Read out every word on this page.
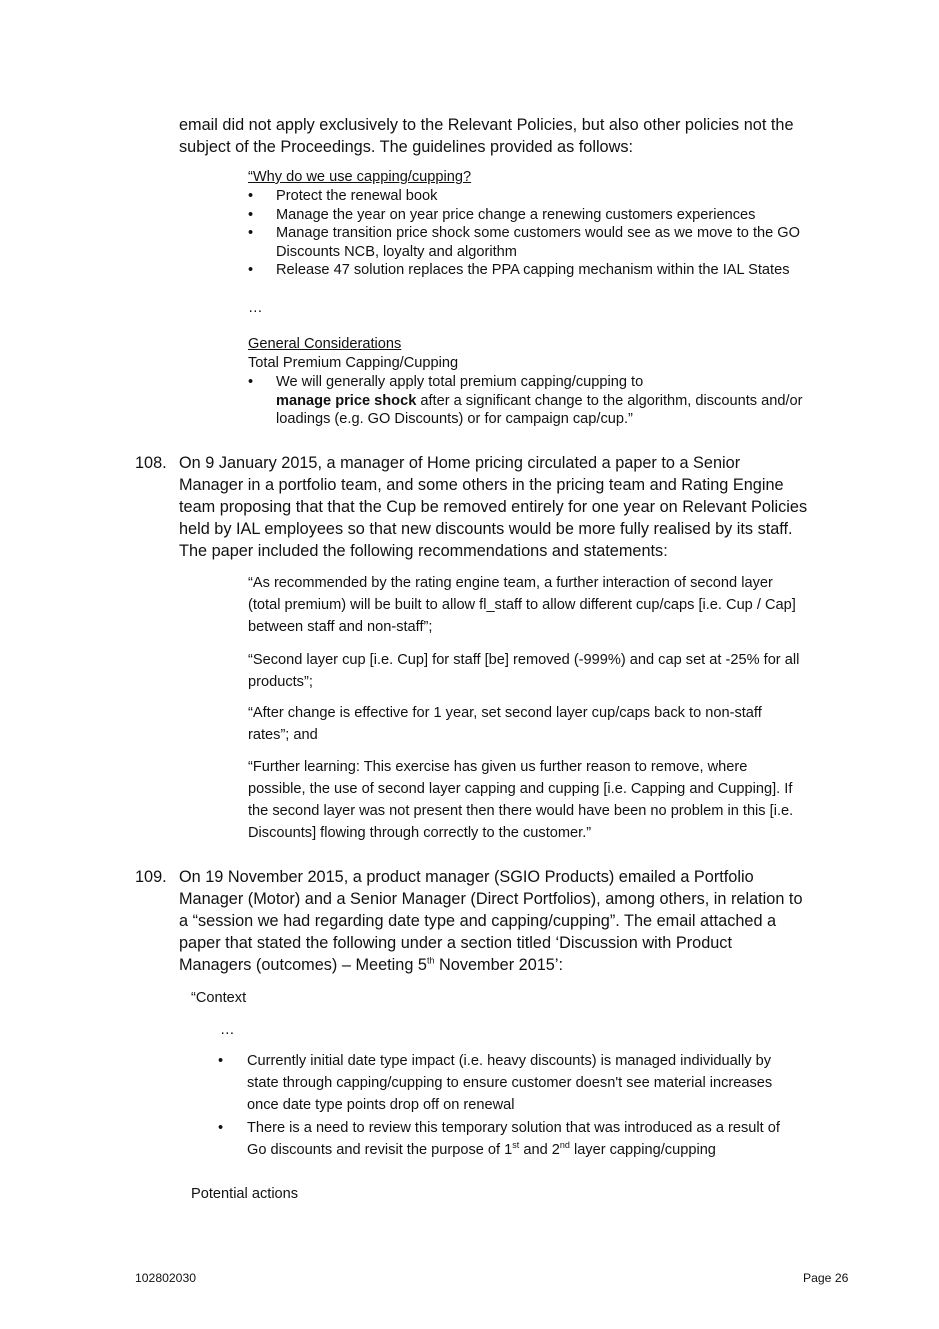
email did not apply exclusively to the Relevant Policies, but also other policies not the
subject of the Proceedings. The guidelines provided as follows:
“Why do we use capping/cupping?
• Protect the renewal book
• Manage the year on year price change a renewing customers experiences
• Manage transition price shock some customers would see as we move to the GO
Discounts NCB, loyalty and algorithm
• Release 47 solution replaces the PPA capping mechanism within the IAL States
…
General Considerations
Total Premium Capping/Cupping
• We will generally apply total premium capping/cupping to
manage price shock after a significant change to the algorithm, discounts and/or
loadings (e.g. GO Discounts) or for campaign cap/cup.”
108. On 9 January 2015, a manager of Home pricing circulated a paper to a Senior
Manager in a portfolio team, and some others in the pricing team and Rating Engine
team proposing that that the Cup be removed entirely for one year on Relevant Policies
held by IAL employees so that new discounts would be more fully realised by its staff.
The paper included the following recommendations and statements:
“As recommended by the rating engine team, a further interaction of second layer
(total premium) will be built to allow fl_staff to allow different cup/caps [i.e. Cup / Cap]
between staff and non-staff”;
“Second layer cup [i.e. Cup] for staff [be] removed (-999%) and cap set at -25% for all
products”;
“After change is effective for 1 year, set second layer cup/caps back to non-staff
rates”; and
“Further learning: This exercise has given us further reason to remove, where
possible, the use of second layer capping and cupping [i.e. Capping and Cupping]. If
the second layer was not present then there would have been no problem in this [i.e.
Discounts] flowing through correctly to the customer.”
109. On 19 November 2015, a product manager (SGIO Products) emailed a Portfolio
Manager (Motor) and a Senior Manager (Direct Portfolios), among others, in relation to
a “session we had regarding date type and capping/cupping”. The email attached a
paper that stated the following under a section titled ‘Discussion with Product
Managers (outcomes) – Meeting 5th November 2015’:
“Context
…
• Currently initial date type impact (i.e. heavy discounts) is managed individually by
state through capping/cupping to ensure customer doesn't see material increases
once date type points drop off on renewal
• There is a need to review this temporary solution that was introduced as a result of
Go discounts and revisit the purpose of 1st and 2nd layer capping/cupping
Potential actions
102802030	Page 26
